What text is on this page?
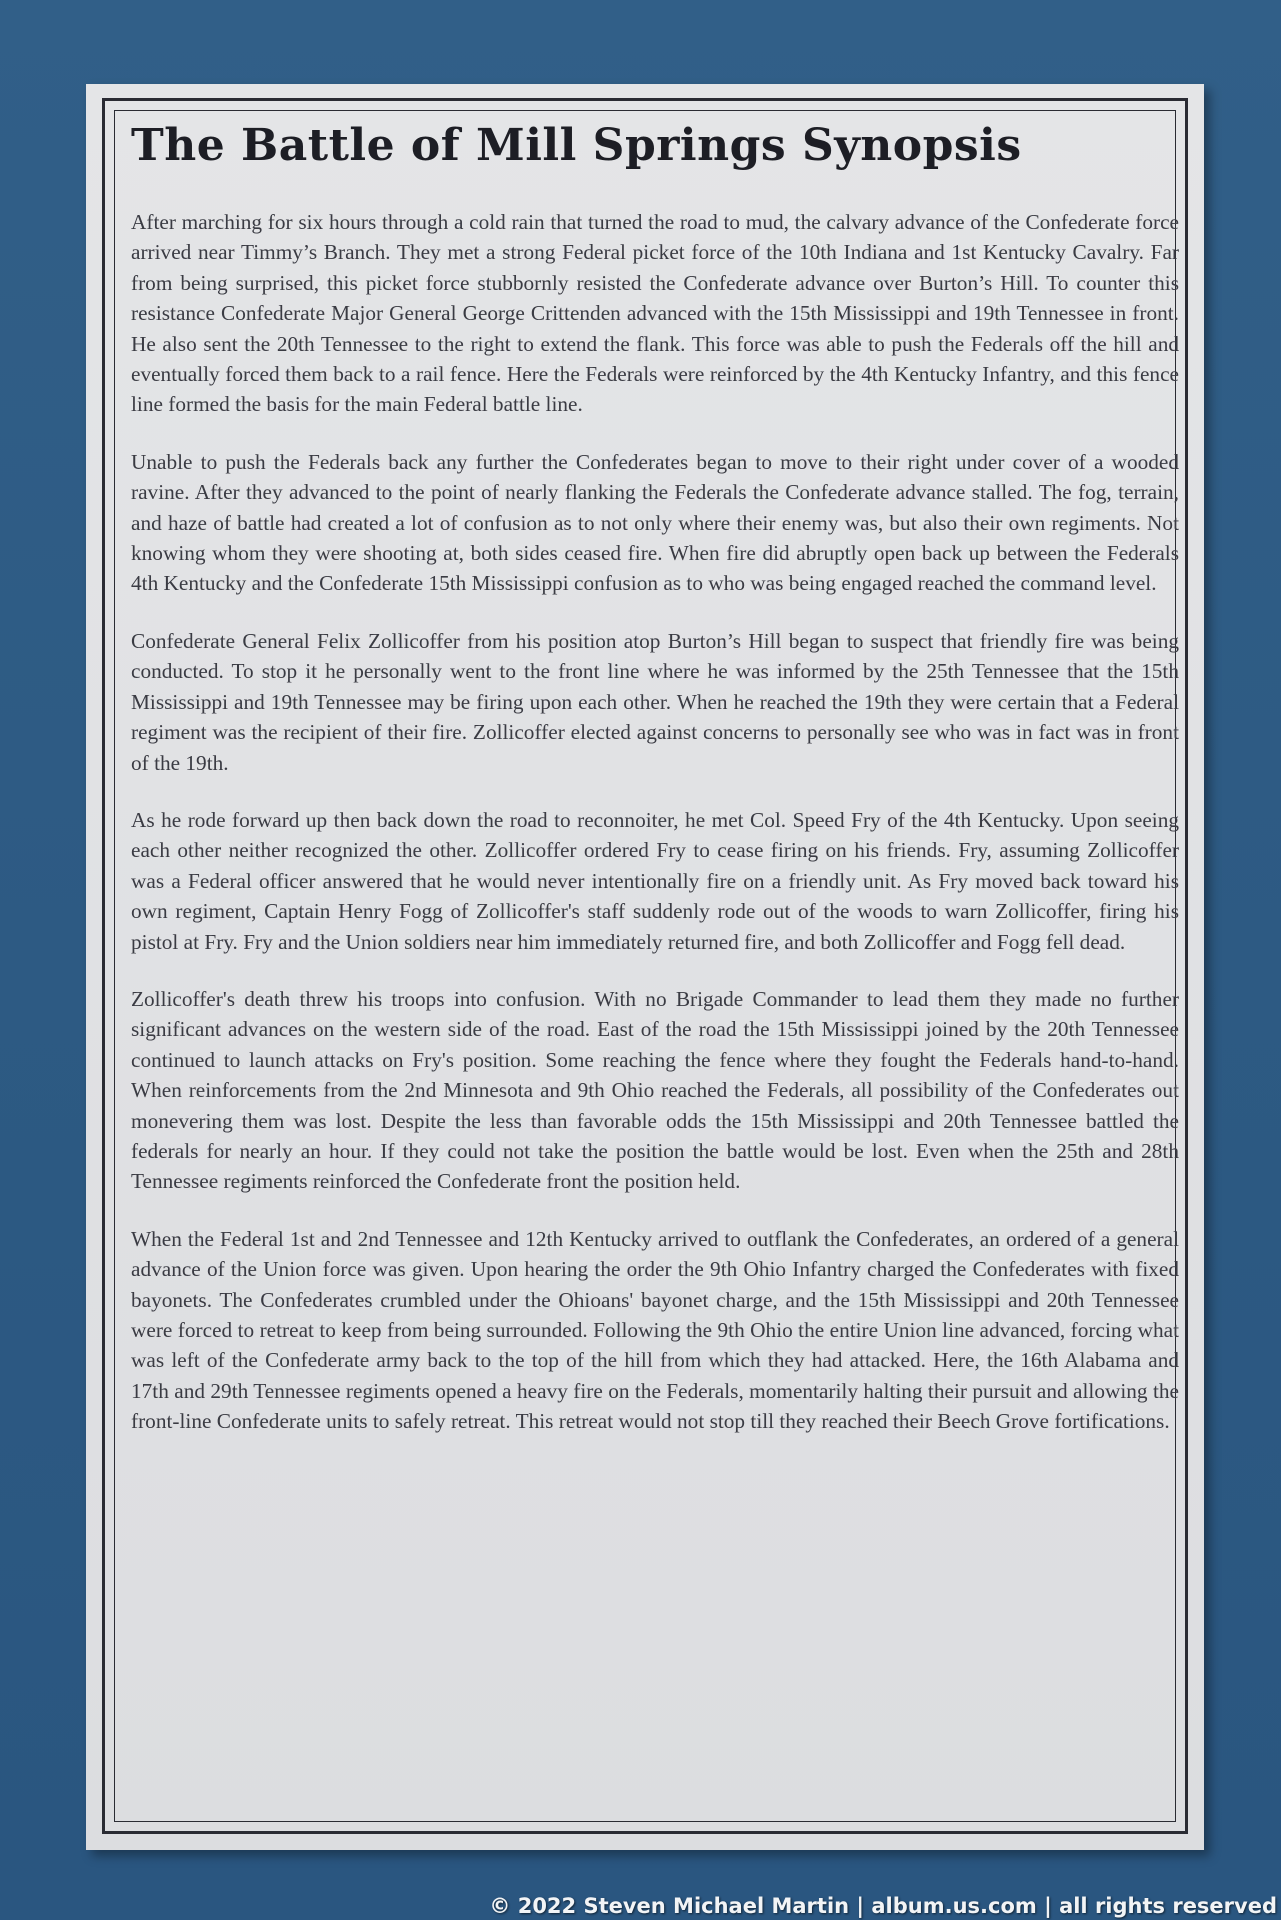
The Battle of Mill Springs Synopsis

After marching for six hours through a cold rain that turned the road to mud, the calvary advance of the Confederate force arrived near Timmy’s Branch. They met a strong Federal picket force of the 10th Indiana and 1st Kentucky Cavalry. Far from being surprised, this picket force stubbornly resisted the Confederate advance over Burton’s Hill. To counter this resistance Confederate Major General George Crittenden advanced with the 15th Mississippi and 19th Tennessee in front. He also sent the 20th Tennessee to the right to extend the flank. This force was able to push the Federals off the hill and eventually forced them back to a rail fence. Here the Federals were reinforced by the 4th Kentucky Infantry, and this fence line formed the basis for the main Federal battle line.

Unable to push the Federals back any further the Confederates began to move to their right under cover of a wooded ravine. After they advanced to the point of nearly flanking the Federals the Confederate advance stalled. The fog, terrain, and haze of battle had created a lot of confusion as to not only where their enemy was, but also their own regiments. Not knowing whom they were shooting at, both sides ceased fire. When fire did abruptly open back up between the Federals 4th Kentucky and the Confederate 15th Mississippi confusion as to who was being engaged reached the command level.

Confederate General Felix Zollicoffer from his position atop Burton’s Hill began to suspect that friendly fire was being conducted. To stop it he personally went to the front line where he was informed by the 25th Tennessee that the 15th Mississippi and 19th Tennessee may be firing upon each other. When he reached the 19th they were certain that a Federal regiment was the recipient of their fire. Zollicoffer elected against concerns to personally see who was in fact was in front of the 19th.

As he rode forward up then back down the road to reconnoiter, he met Col. Speed Fry of the 4th Kentucky. Upon seeing each other neither recognized the other. Zollicoffer ordered Fry to cease firing on his friends. Fry, assuming Zollicoffer was a Federal officer answered that he would never intentionally fire on a friendly unit. As Fry moved back toward his own regiment, Captain Henry Fogg of Zollicoffer's staff suddenly rode out of the woods to warn Zollicoffer, firing his pistol at Fry. Fry and the Union soldiers near him immediately returned fire, and both Zollicoffer and Fogg fell dead.

Zollicoffer's death threw his troops into confusion. With no Brigade Commander to lead them they made no further significant advances on the western side of the road. East of the road the 15th Mississippi joined by the 20th Tennessee continued to launch attacks on Fry's position. Some reaching the fence where they fought the Federals hand-to-hand. When reinforcements from the 2nd Minnesota and 9th Ohio reached the Federals, all possibility of the Confederates out monevering them was lost. Despite the less than favorable odds the 15th Mississippi and 20th Tennessee battled the federals for nearly an hour. If they could not take the position the battle would be lost. Even when the 25th and 28th Tennessee regiments reinforced the Confederate front the position held.

When the Federal 1st and 2nd Tennessee and 12th Kentucky arrived to outflank the Confederates, an ordered of a general advance of the Union force was given. Upon hearing the order the 9th Ohio Infantry charged the Confederates with fixed bayonets. The Confederates crumbled under the Ohioans' bayonet charge, and the 15th Mississippi and 20th Tennessee were forced to retreat to keep from being surrounded. Following the 9th Ohio the entire Union line advanced, forcing what was left of the Confederate army back to the top of the hill from which they had attacked. Here, the 16th Alabama and 17th and 29th Tennessee regiments opened a heavy fire on the Federals, momentarily halting their pursuit and allowing the front-line Confederate units to safely retreat. This retreat would not stop till they reached their Beech Grove fortifications.

© 2022 Steven Michael Martin | album.us.com | all rights reserved
